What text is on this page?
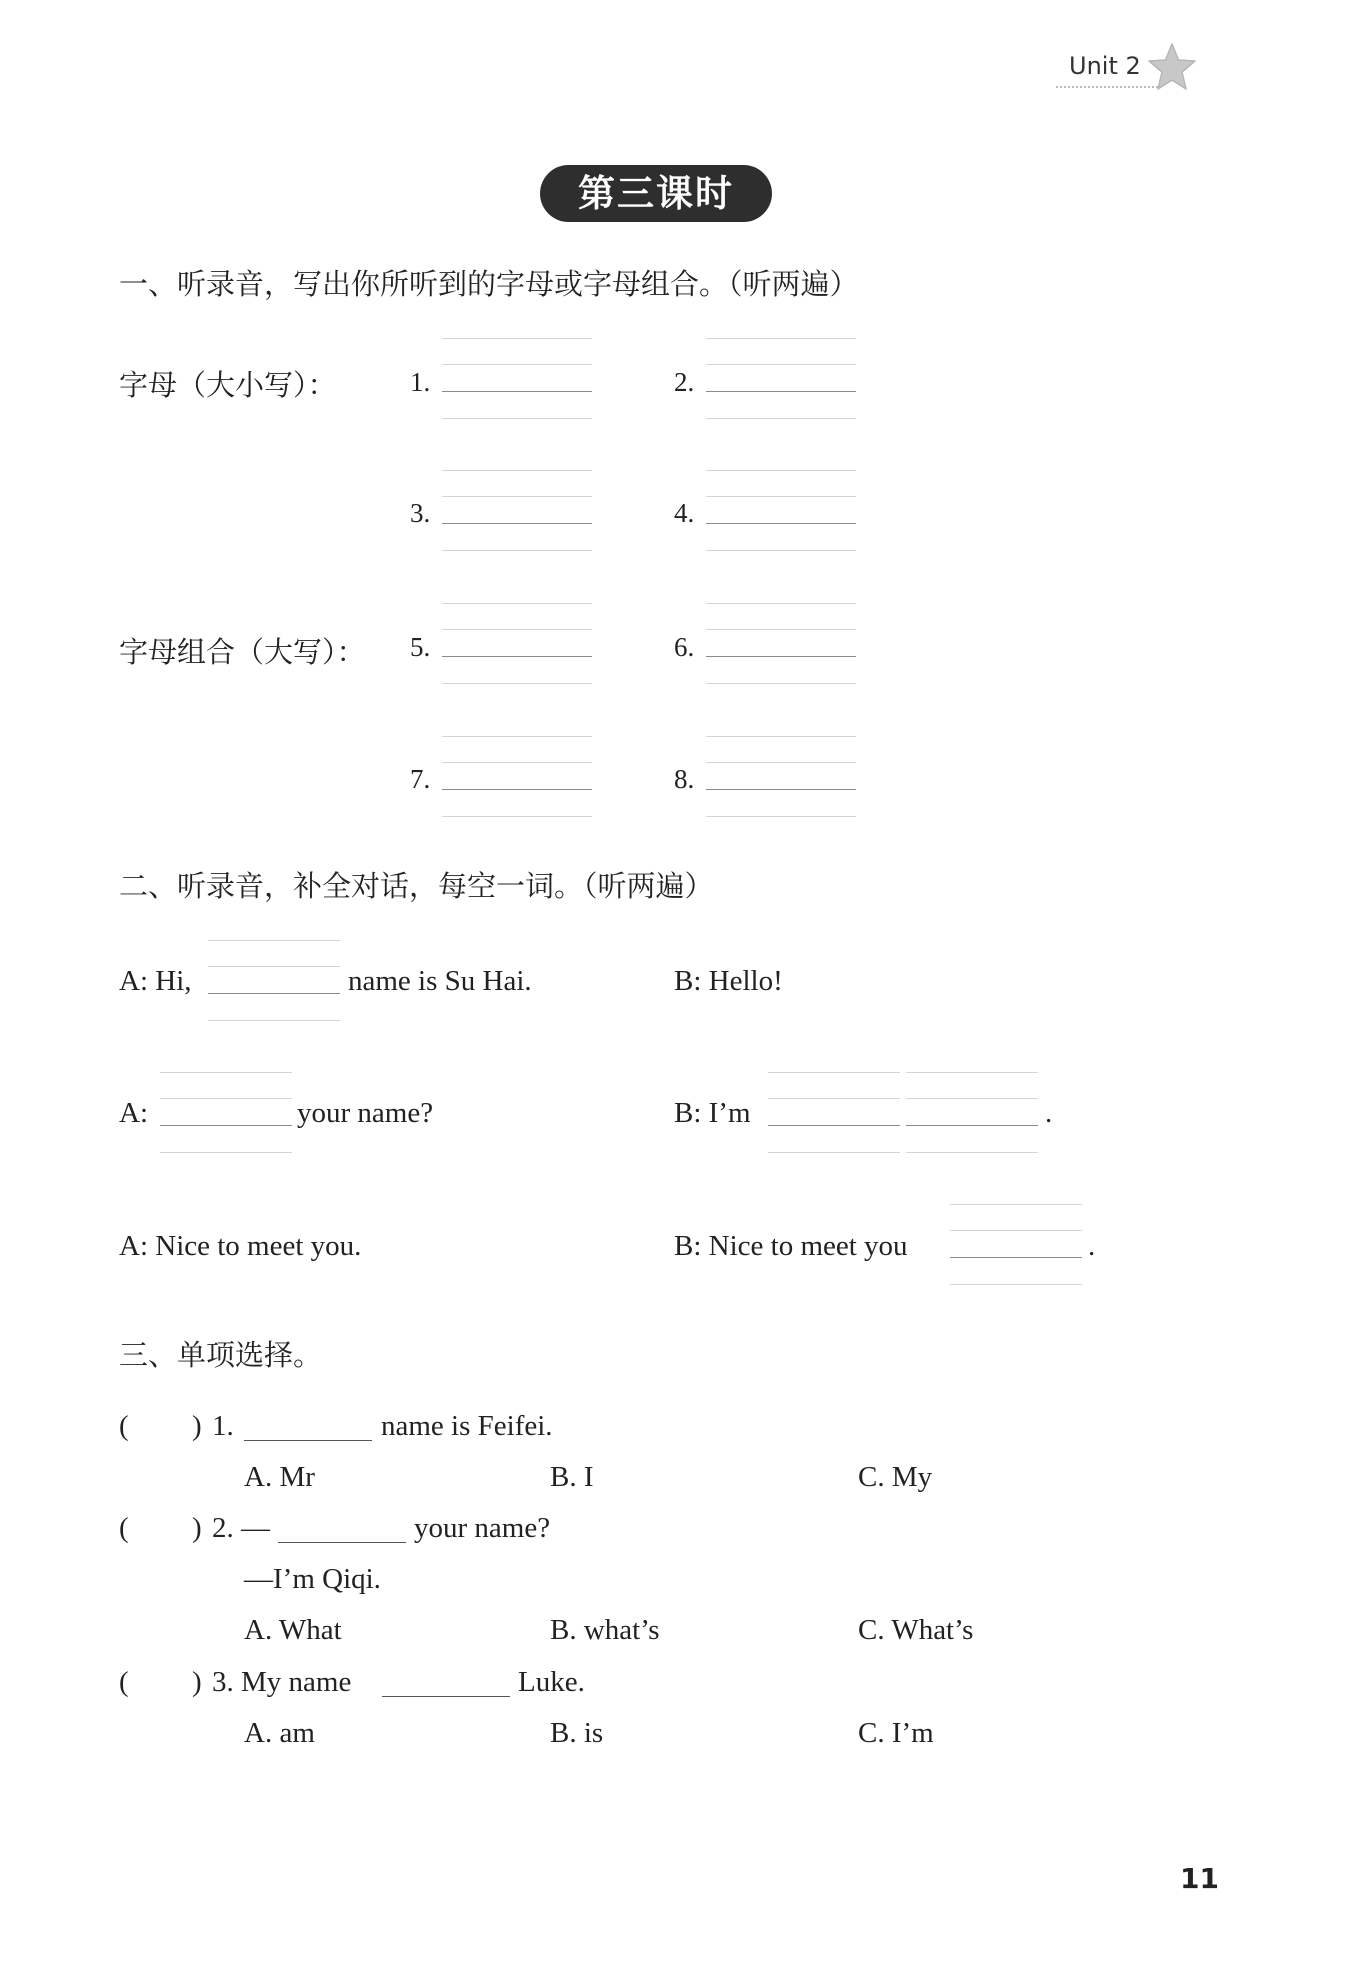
Unit 2
第三课时
一、听录音，写出你所听到的字母或字母组合。（听两遍）
字母（大小写）：
字母组合（大写）：
1.	2.
3.	4.
5.	6.
7.	8.
二、听录音，补全对话，每空一词。（听两遍）
A: Hi,	name is Su Hai.	B: Hello!
A:	your name?	B: I’m	.
A: Nice to meet you.	B: Nice to meet you	.
三、单项选择。
( ) 1.	name is Feifei.
A. Mr	B. I	C. My
( ) 2. —	your name?
—I’m Qiqi.
A. What	B. what’s	C. What’s
( ) 3. My name	Luke.
A. am	B. is	C. I’m
11
